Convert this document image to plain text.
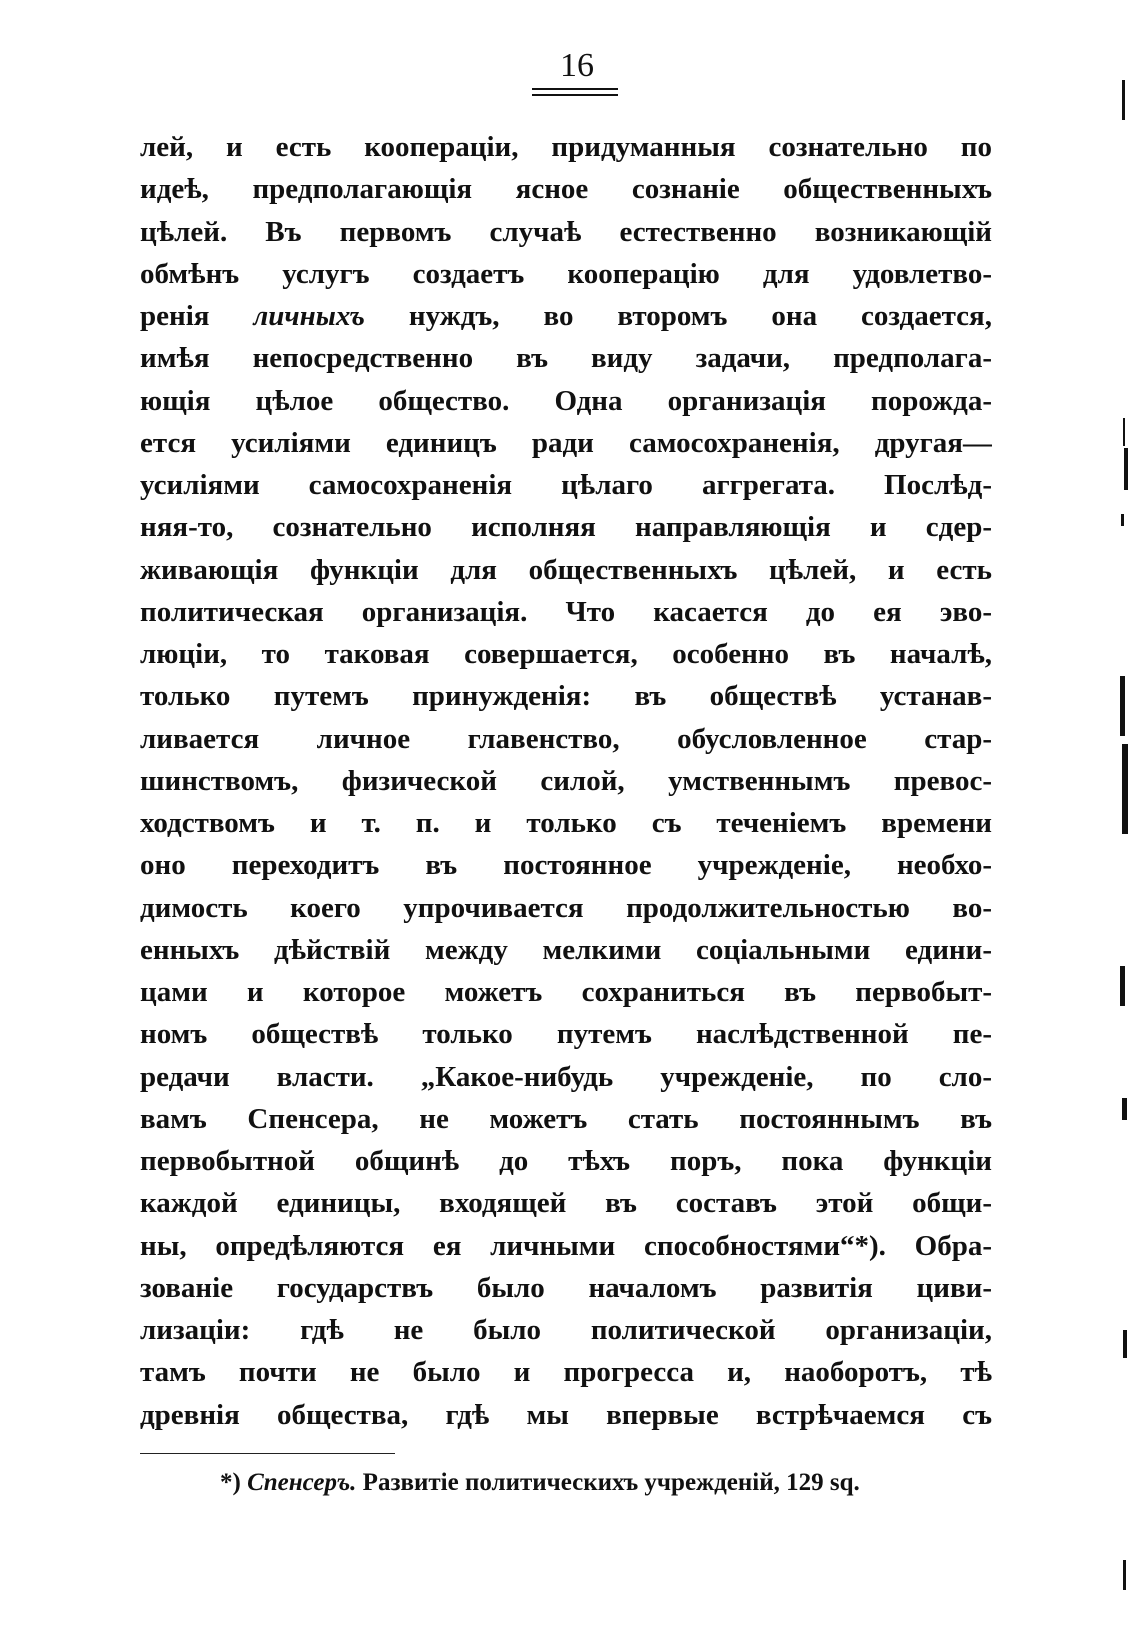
16
лей, и есть кооперацiи, придуманныя сознательно по
идеѣ, предполагающiя ясное сознанiе общественныхъ
цѣлей. Въ первомъ случаѣ естественно возникающiй
обмѣнъ услугъ создаетъ кооперацiю для удовлетво-
ренiя личныхъ нуждъ, во второмъ она создается,
имѣя непосредственно въ виду задачи, предполага-
ющiя цѣлое общество. Одна организацiя порожда-
ется усилiями единицъ ради самосохраненiя, другая—
усилiями самосохраненiя цѣлаго аггрегата. Послѣд-
няя-то, сознательно исполняя направляющiя и сдер-
живающiя функцiи для общественныхъ цѣлей, и есть
политическая организацiя. Что касается до ея эво-
люцiи, то таковая совершается, особенно въ началѣ,
только путемъ принужденiя: въ обществѣ устанав-
ливается личное главенство, обусловленное стар-
шинствомъ, физической силой, умственнымъ превос-
ходствомъ и т. п. и только съ теченiемъ времени
оно переходитъ въ постоянное учрежденiе, необхо-
димость коего упрочивается продолжительностью во-
енныхъ дѣйствiй между мелкими соцiальными едини-
цами и которое можетъ сохраниться въ первобыт-
номъ обществѣ только путемъ наслѣдственной пе-
редачи власти. „Какое-нибудь учрежденiе, по сло-
вамъ Спенсера, не можетъ стать постояннымъ въ
первобытной общинѣ до тѣхъ поръ, пока функцiи
каждой единицы, входящей въ составъ этой общи-
ны, опредѣляются ея личными способностями“*). Обра-
зованiе государствъ было началомъ развитiя циви-
лизацiи: гдѣ не было политической организацiи,
тамъ почти не было и прогресса и, наоборотъ, тѣ
древнiя общества, гдѣ мы впервые встрѣчаемся съ
*) Спенсеръ. Развитiе политическихъ учрежденiй, 129 sq.
